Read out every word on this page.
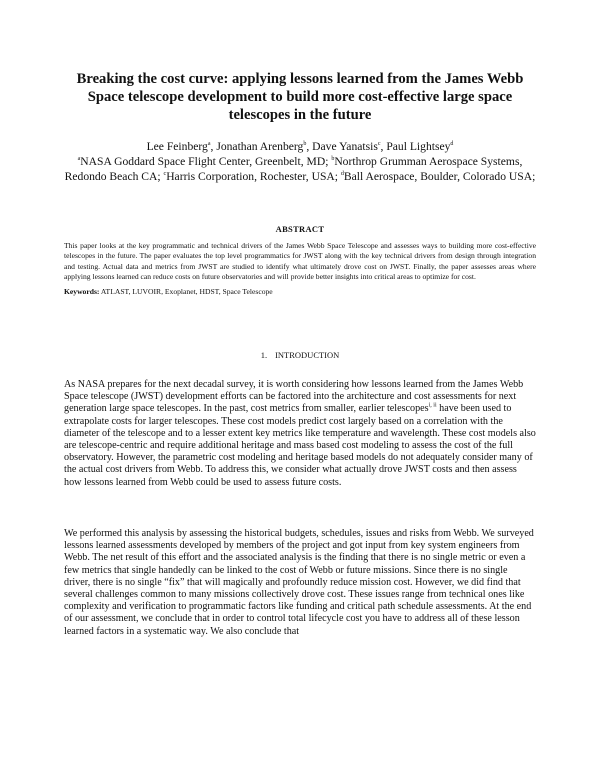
Breaking the cost curve: applying lessons learned from the James Webb Space telescope development to build more cost-effective large space telescopes in the future
Lee Feinberg$^a$, Jonathan Arenberg$^b$, Dave Yanatsis$^c$, Paul Lightsey$^d$
$^a$NASA Goddard Space Flight Center, Greenbelt, MD; $^b$Northrop Grumman Aerospace Systems, Redondo Beach CA; $^c$Harris Corporation, Rochester, USA; $^d$Ball Aerospace, Boulder, Colorado USA;
ABSTRACT
This paper looks at the key programmatic and technical drivers of the James Webb Space Telescope and assesses ways to building more cost-effective telescopes in the future. The paper evaluates the top level programmatics for JWST along with the key technical drivers from design through integration and testing. Actual data and metrics from JWST are studied to identify what ultimately drove cost on JWST. Finally, the paper assesses areas where applying lessons learned can reduce costs on future observatories and will provide better insights into critical areas to optimize for cost.
Keywords: ATLAST, LUVOIR, Exoplanet, HDST, Space Telescope
1. INTRODUCTION
As NASA prepares for the next decadal survey, it is worth considering how lessons learned from the James Webb Space telescope (JWST) development efforts can be factored into the architecture and cost assessments for next generation large space telescopes. In the past, cost metrics from smaller, earlier telescopes$^{i, ii}$ have been used to extrapolate costs for larger telescopes. These cost models predict cost largely based on a correlation with the diameter of the telescope and to a lesser extent key metrics like temperature and wavelength. These cost models also are telescope-centric and require additional heritage and mass based cost modeling to assess the cost of the full observatory. However, the parametric cost modeling and heritage based models do not adequately consider many of the actual cost drivers from Webb. To address this, we consider what actually drove JWST costs and then assess how lessons learned from Webb could be used to assess future costs.
We performed this analysis by assessing the historical budgets, schedules, issues and risks from Webb. We surveyed lessons learned assessments developed by members of the project and got input from key system engineers from Webb. The net result of this effort and the associated analysis is the finding that there is no single metric or even a few metrics that single handedly can be linked to the cost of Webb or future missions. Since there is no single driver, there is no single “fix” that will magically and profoundly reduce mission cost. However, we did find that several challenges common to many missions collectively drove cost. These issues range from technical ones like complexity and verification to programmatic factors like funding and critical path schedule assessments. At the end of our assessment, we conclude that in order to control total lifecycle cost you have to address all of these lesson learned factors in a systematic way. We also conclude that
